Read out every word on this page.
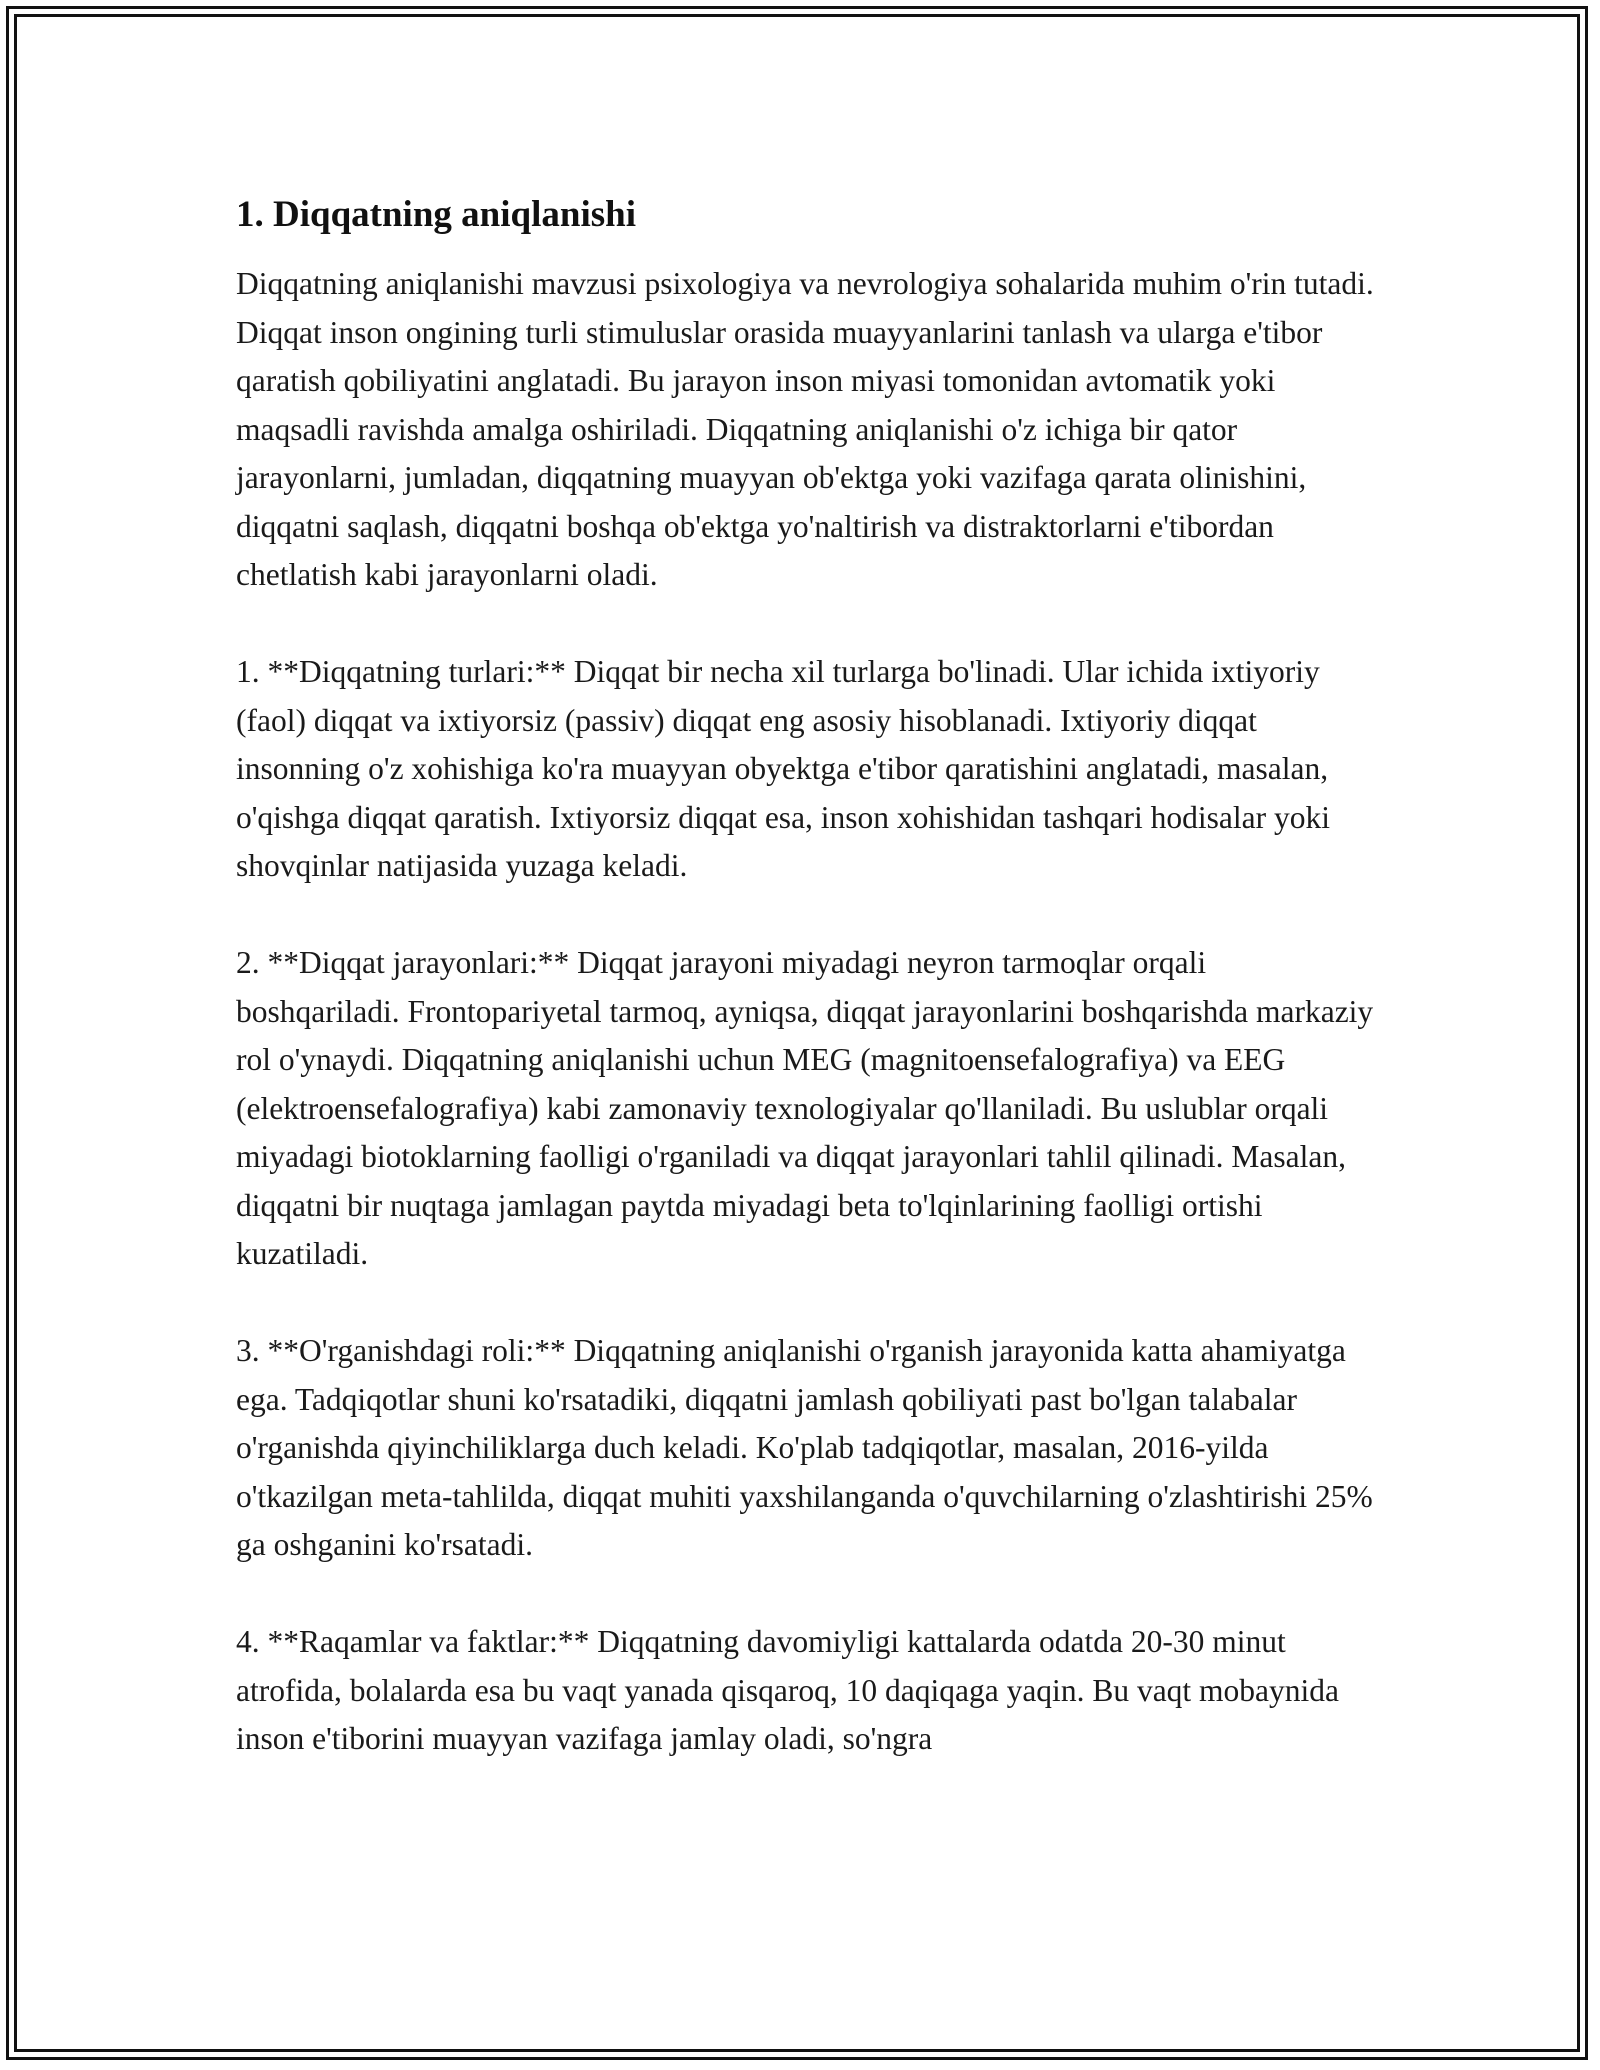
1. Diqqatning aniqlanishi

Diqqatning aniqlanishi mavzusi psixologiya va nevrologiya sohalarida muhim o'rin tutadi. Diqqat inson ongining turli stimuluslar orasida muayyanlarini tanlash va ularga e'tibor qaratish qobiliyatini anglatadi. Bu jarayon inson miyasi tomonidan avtomatik yoki maqsadli ravishda amalga oshiriladi. Diqqatning aniqlanishi o'z ichiga bir qator jarayonlarni, jumladan, diqqatning muayyan ob'ektga yoki vazifaga qarata olinishini, diqqatni saqlash, diqqatni boshqa ob'ektga yo'naltirish va distraktorlarni e'tibordan chetlatish kabi jarayonlarni oladi.

1. **Diqqatning turlari:** Diqqat bir necha xil turlarga bo'linadi. Ular ichida ixtiyoriy (faol) diqqat va ixtiyorsiz (passiv) diqqat eng asosiy hisoblanadi. Ixtiyoriy diqqat insonning o'z xohishiga ko'ra muayyan obyektga e'tibor qaratishini anglatadi, masalan, o'qishga diqqat qaratish. Ixtiyorsiz diqqat esa, inson xohishidan tashqari hodisalar yoki shovqinlar natijasida yuzaga keladi.

2. **Diqqat jarayonlari:** Diqqat jarayoni miyadagi neyron tarmoqlar orqali boshqariladi. Frontopariyetal tarmoq, ayniqsa, diqqat jarayonlarini boshqarishda markaziy rol o'ynaydi. Diqqatning aniqlanishi uchun MEG (magnitoensefalografiya) va EEG (elektroensefalografiya) kabi zamonaviy texnologiyalar qo'llaniladi. Bu uslublar orqali miyadagi biotoklarning faolligi o'rganiladi va diqqat jarayonlari tahlil qilinadi. Masalan, diqqatni bir nuqtaga jamlagan paytda miyadagi beta to'lqinlarining faolligi ortishi kuzatiladi.

3. **O'rganishdagi roli:** Diqqatning aniqlanishi o'rganish jarayonida katta ahamiyatga ega. Tadqiqotlar shuni ko'rsatadiki, diqqatni jamlash qobiliyati past bo'lgan talabalar o'rganishda qiyinchiliklarga duch keladi. Ko'plab tadqiqotlar, masalan, 2016-yilda o'tkazilgan meta-tahlilda, diqqat muhiti yaxshilanganda o'quvchilarning o'zlashtirishi 25% ga oshganini ko'rsatadi.

4. **Raqamlar va faktlar:** Diqqatning davomiyligi kattalarda odatda 20-30 minut atrofida, bolalarda esa bu vaqt yanada qisqaroq, 10 daqiqaga yaqin. Bu vaqt mobaynida inson e'tiborini muayyan vazifaga jamlay oladi, so'ngra
